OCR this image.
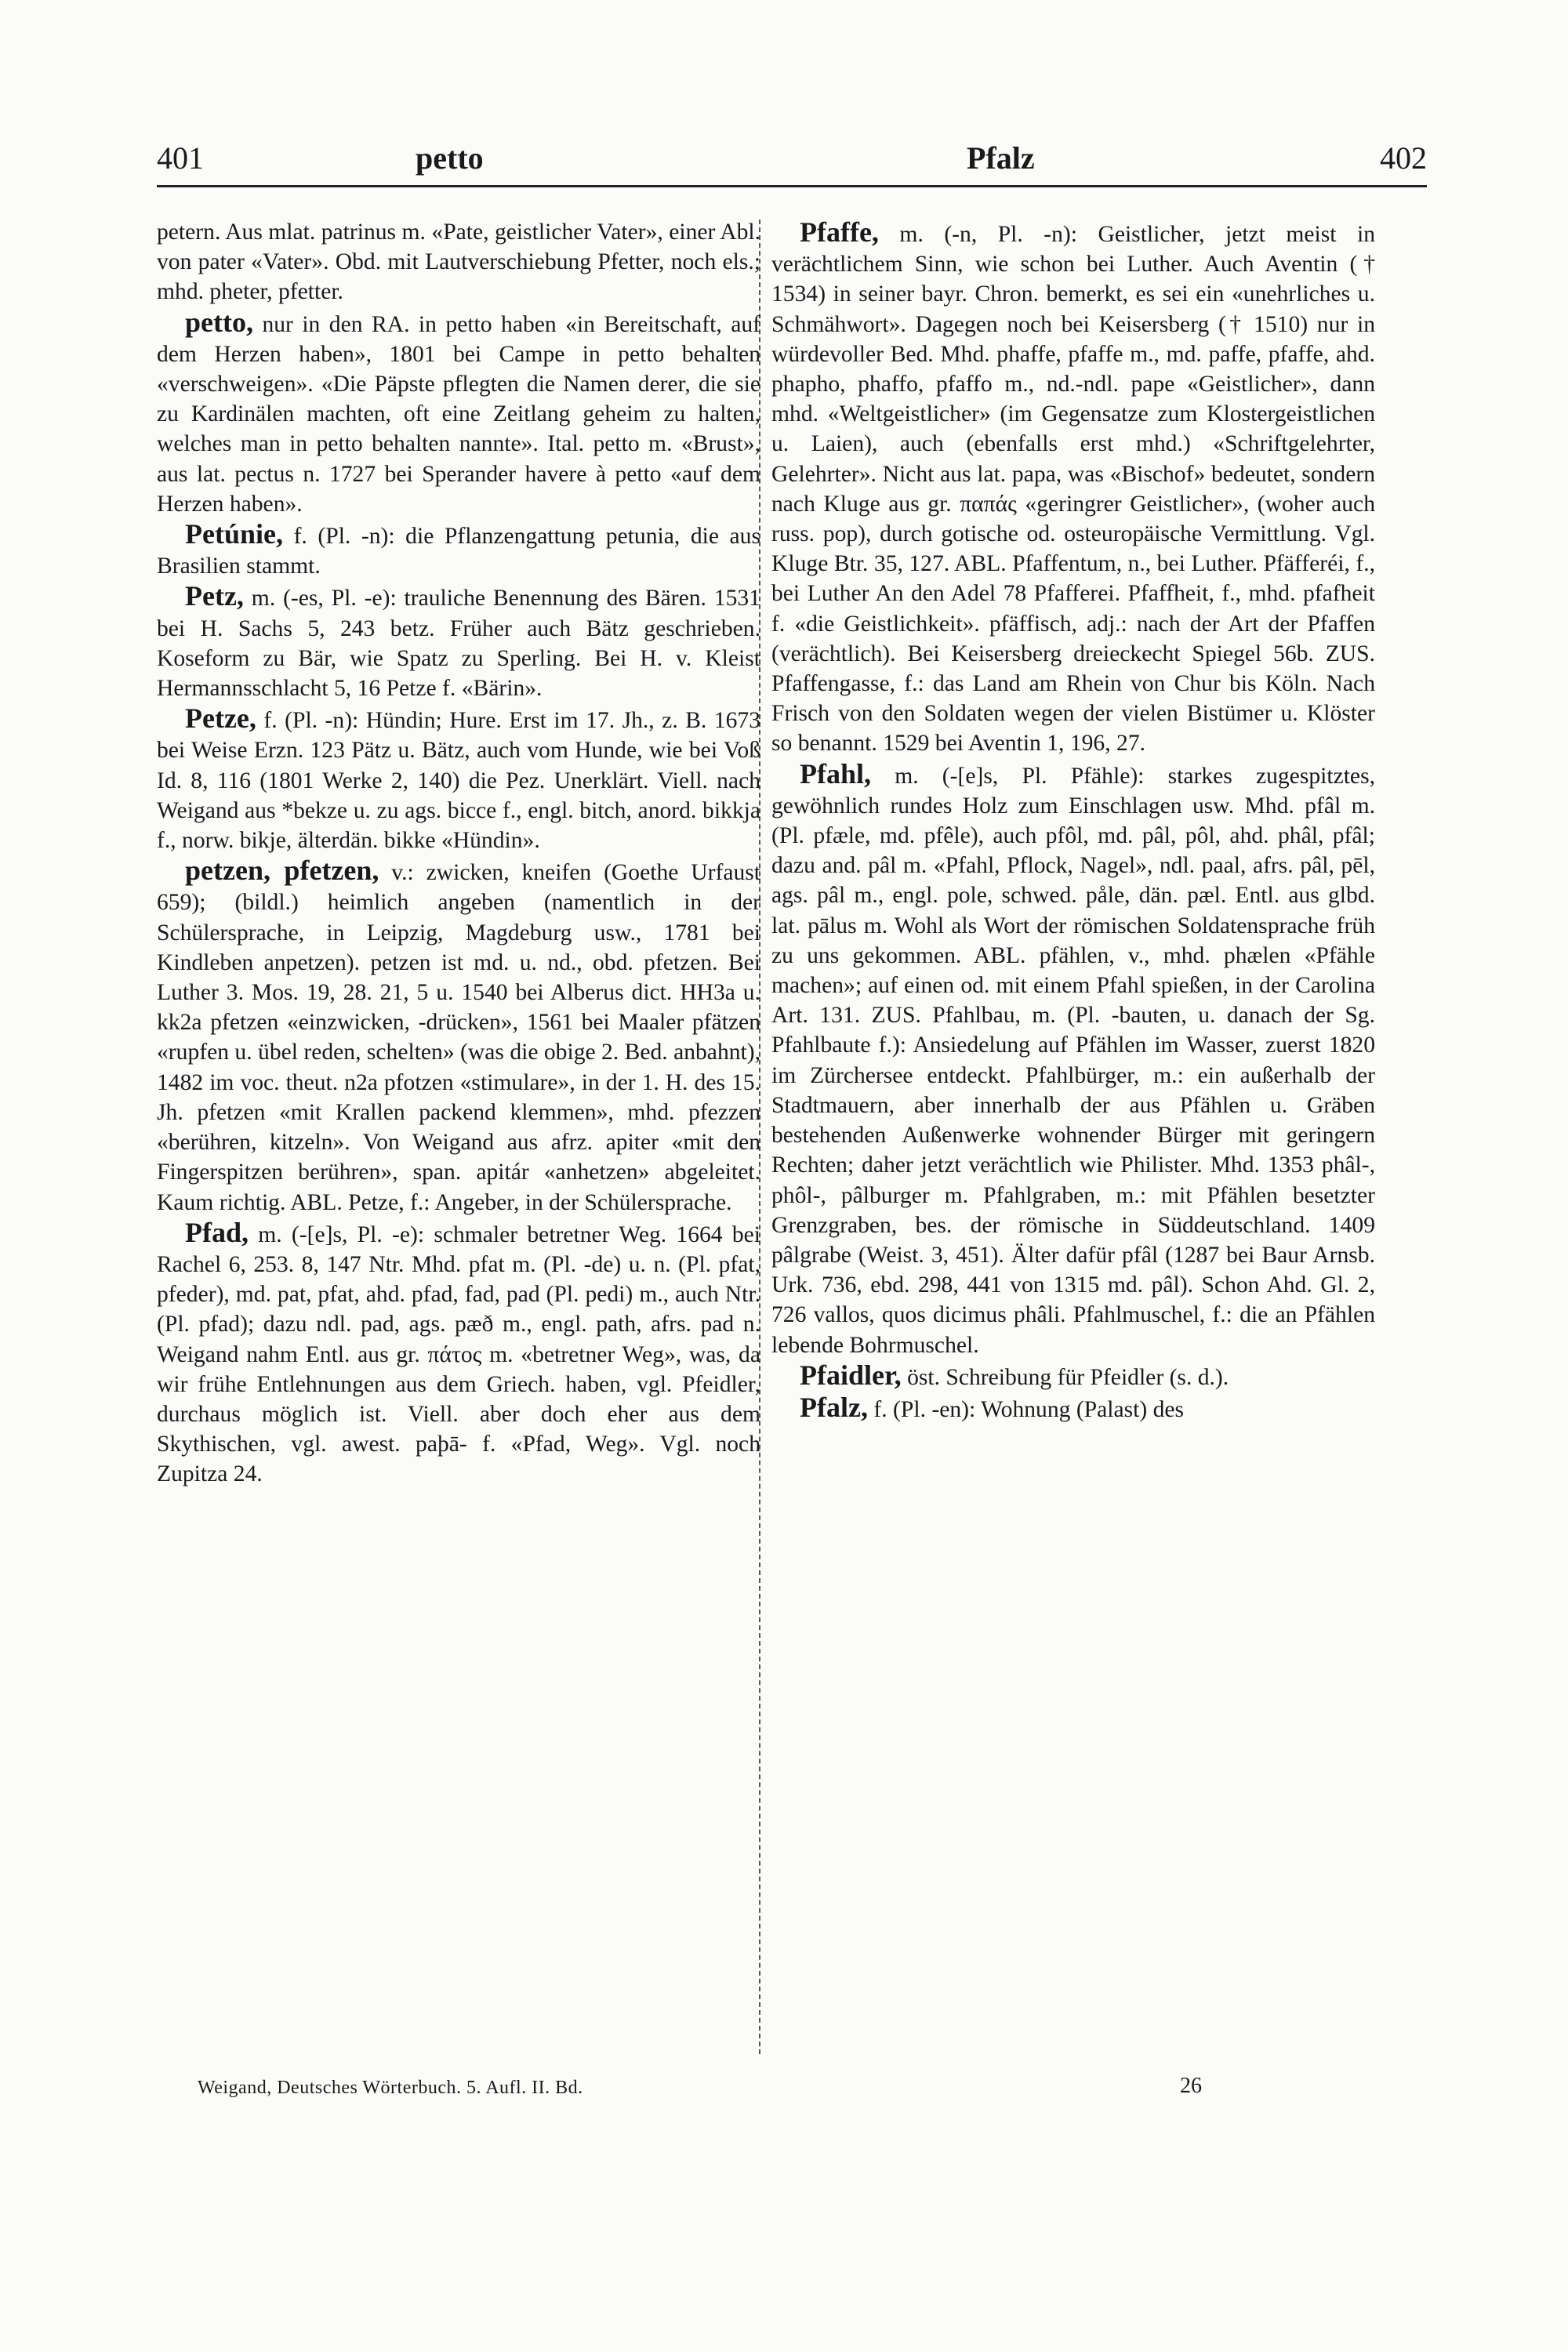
401	petto	Pfalz	402

petern. Aus mlat. patrinus m. «Pate, geistlicher Vater», einer Abl. von pater «Vater». Obd. mit Lautverschiebung Pfetter, noch els.; mhd. pheter, pfetter.

petto, nur in den RA. in petto haben «in Bereitschaft, auf dem Herzen haben», 1801 bei Campe in petto behalten «verschweigen». «Die Päpste pflegten die Namen derer, die sie zu Kardinälen machten, oft eine Zeitlang geheim zu halten, welches man in petto behalten nannte». Ital. petto m. «Brust», aus lat. pectus n. 1727 bei Sperander havere à petto «auf dem Herzen haben».

Petúnie, f. (Pl. -n): die Pflanzengattung petunia, die aus Brasilien stammt.

Petz, m. (-es, Pl. -e): trauliche Benennung des Bären. 1531 bei H. Sachs 5, 243 betz. Früher auch Bätz geschrieben. Koseform zu Bär, wie Spatz zu Sperling. Bei H. v. Kleist Hermannsschlacht 5, 16 Petze f. «Bärin».

Petze, f. (Pl. -n): Hündin; Hure. Erst im 17. Jh., z. B. 1673 bei Weise Erzn. 123 Pätz u. Bätz, auch vom Hunde, wie bei Voß Id. 8, 116 (1801 Werke 2, 140) die Pez. Unerklärt. Viell. nach Weigand aus *bekze u. zu ags. bicce f., engl. bitch, anord. bikkja f., norw. bikje, älterdän. bikke «Hündin».

petzen, pfetzen, v.: zwicken, kneifen (Goethe Urfaust 659); (bildl.) heimlich angeben (namentlich in der Schülersprache, in Leipzig, Magdeburg usw., 1781 bei Kindleben anpetzen). petzen ist md. u. nd., obd. pfetzen. Bei Luther 3. Mos. 19, 28. 21, 5 u. 1540 bei Alberus dict. HH3a u. kk2a pfetzen «einzwicken, -drücken», 1561 bei Maaler pfätzen «rupfen u. übel reden, schelten» (was die obige 2. Bed. anbahnt), 1482 im voc. theut. n2a pfotzen «stimulare», in der 1. H. des 15. Jh. pfetzen «mit Krallen packend klemmen», mhd. pfezzen «berühren, kitzeln». Von Weigand aus afrz. apiter «mit den Fingerspitzen berühren», span. apitár «anhetzen» abgeleitet. Kaum richtig. ABL. Petze, f.: Angeber, in der Schülersprache.

Pfad, m. (-[e]s, Pl. -e): schmaler betretner Weg. 1664 bei Rachel 6, 253. 8, 147 Ntr. Mhd. pfat m. (Pl. -de) u. n. (Pl. pfat, pfeder), md. pat, pfat, ahd. pfad, fad, pad (Pl. pedi) m., auch Ntr. (Pl. pfad); dazu ndl. pad, ags. pæð m., engl. path, afrs. pad n. Weigand nahm Entl. aus gr. πάτος m. «betretner Weg», was, da wir frühe Entlehnungen aus dem Griech. haben, vgl. Pfeidler, durchaus möglich ist. Viell. aber doch eher aus dem Skythischen, vgl. awest. paþā- f. «Pfad, Weg». Vgl. noch Zupitza 24.

Pfaffe, m. (-n, Pl. -n): Geistlicher, jetzt meist in verächtlichem Sinn, wie schon bei Luther. Auch Aventin († 1534) in seiner bayr. Chron. bemerkt, es sei ein «unehrliches u. Schmähwort». Dagegen noch bei Keisersberg († 1510) nur in würdevoller Bed. Mhd. phaffe, pfaffe m., md. paffe, pfaffe, ahd. phapho, phaffo, pfaffo m., nd.-ndl. pape «Geistlicher», dann mhd. «Weltgeistlicher» (im Gegensatze zum Klostergeistlichen u. Laien), auch (ebenfalls erst mhd.) «Schriftgelehrter, Gelehrter». Nicht aus lat. papa, was «Bischof» bedeutet, sondern nach Kluge aus gr. παπάς «geringrer Geistlicher», (woher auch russ. pop), durch gotische od. osteuropäische Vermittlung. Vgl. Kluge Btr. 35, 127. ABL. Pfaffentum, n., bei Luther. Pfäfferéi, f., bei Luther An den Adel 78 Pfafferei. Pfaffheit, f., mhd. pfafheit f. «die Geistlichkeit». pfäffisch, adj.: nach der Art der Pfaffen (verächtlich). Bei Keisersberg dreieckecht Spiegel 56b. ZUS. Pfaffengasse, f.: das Land am Rhein von Chur bis Köln. Nach Frisch von den Soldaten wegen der vielen Bistümer u. Klöster so benannt. 1529 bei Aventin 1, 196, 27.

Pfahl, m. (-[e]s, Pl. Pfähle): starkes zugespitztes, gewöhnlich rundes Holz zum Einschlagen usw. Mhd. pfâl m. (Pl. pfæle, md. pfêle), auch pfôl, md. pâl, pôl, ahd. phâl, pfâl; dazu and. pâl m. «Pfahl, Pflock, Nagel», ndl. paal, afrs. pâl, pēl, ags. pâl m., engl. pole, schwed. påle, dän. pæl. Entl. aus glbd. lat. pālus m. Wohl als Wort der römischen Soldatensprache früh zu uns gekommen. ABL. pfählen, v., mhd. phælen «Pfähle machen»; auf einen od. mit einem Pfahl spießen, in der Carolina Art. 131. ZUS. Pfahlbau, m. (Pl. -bauten, u. danach der Sg. Pfahlbaute f.): Ansiedelung auf Pfählen im Wasser, zuerst 1820 im Zürchersee entdeckt. Pfahlbürger, m.: ein außerhalb der Stadtmauern, aber innerhalb der aus Pfählen u. Gräben bestehenden Außenwerke wohnender Bürger mit geringern Rechten; daher jetzt verächtlich wie Philister. Mhd. 1353 phâl-, phôl-, pâlburger m. Pfahlgraben, m.: mit Pfählen besetzter Grenzgraben, bes. der römische in Süddeutschland. 1409 pâlgrabe (Weist. 3, 451). Älter dafür pfâl (1287 bei Baur Arnsb. Urk. 736, ebd. 298, 441 von 1315 md. pâl). Schon Ahd. Gl. 2, 726 vallos, quos dicimus phâli. Pfahlmuschel, f.: die an Pfählen lebende Bohrmuschel.

Pfaidler, öst. Schreibung für Pfeidler (s. d.).

Pfalz, f. (Pl. -en): Wohnung (Palast) des

Weigand, Deutsches Wörterbuch. 5. Aufl. II. Bd.	26
